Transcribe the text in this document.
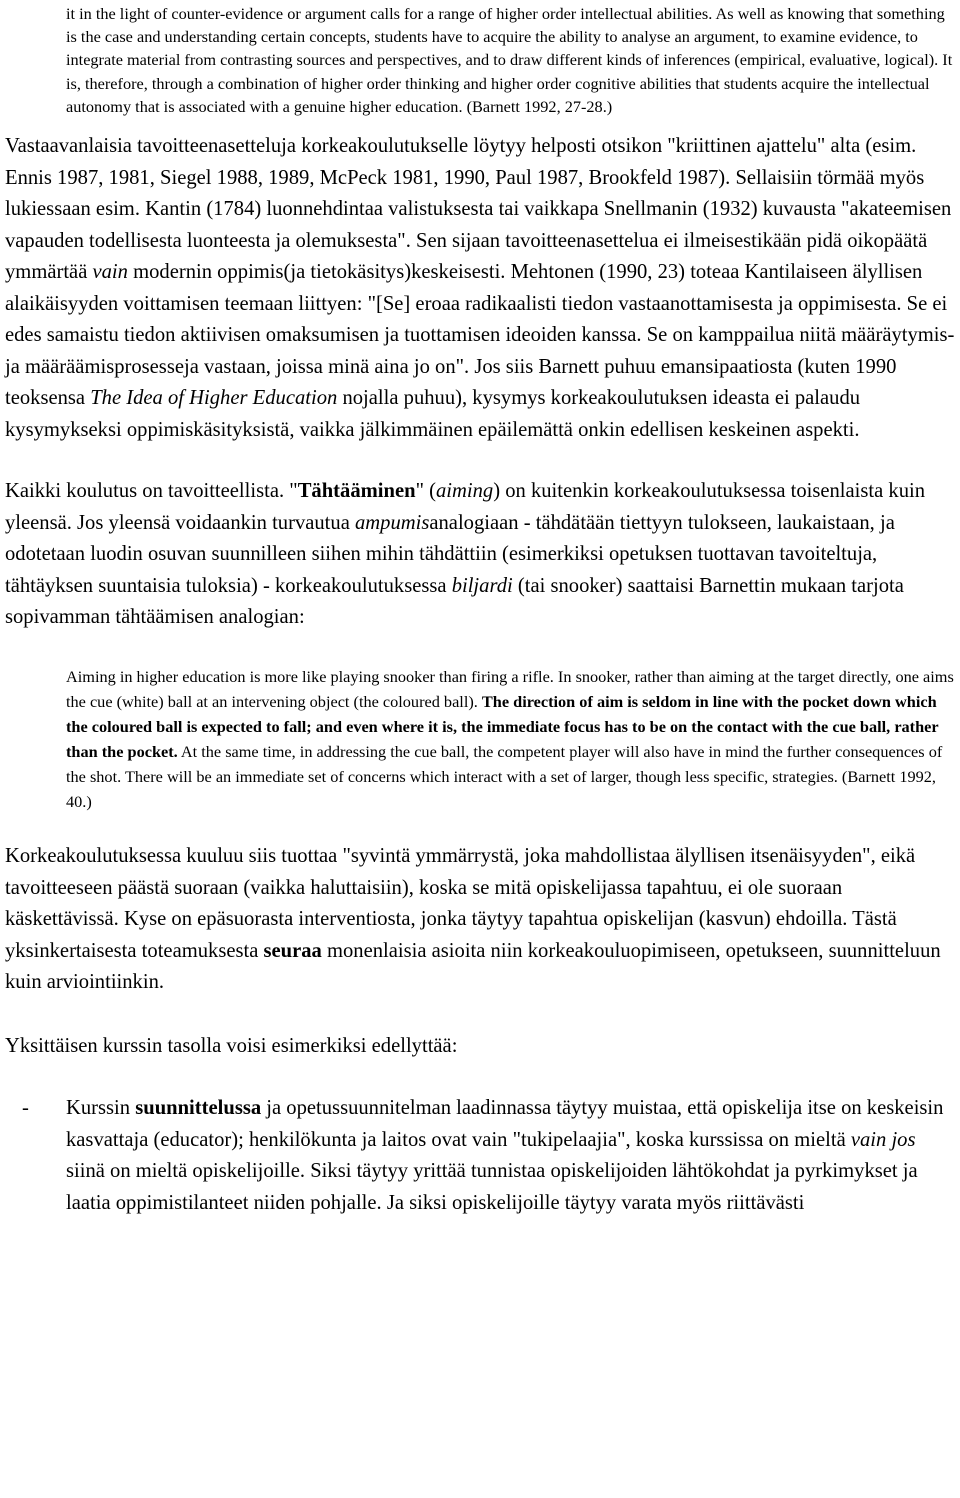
it in the light of counter-evidence or argument calls for a range of higher order intellectual abilities. As well as knowing that something is the case and understanding certain concepts, students have to acquire the ability to analyse an argument, to examine evidence, to integrate material from contrasting sources and perspectives, and to draw different kinds of inferences (empirical, evaluative, logical). It is, therefore, through a combination of higher order thinking and higher order cognitive abilities that students acquire the intellectual autonomy that is associated with a genuine higher education. (Barnett 1992, 27-28.)

Vastaavanlaisia tavoitteenasetteluja korkeakoulutukselle löytyy helposti otsikon "kriittinen ajattelu" alta (esim. Ennis 1987, 1981, Siegel 1988, 1989, McPeck 1981, 1990, Paul 1987, Brookfeld 1987). Sellaisiin törmää myös lukiessaan esim. Kantin (1784) luonnehdintaa valistuksesta tai vaikkapa Snellmanin (1932) kuvausta "akateemisen vapauden todellisesta luonteesta ja olemuksesta". Sen sijaan tavoitteenasettelua ei ilmeisestikään pidä oikopäätä ymmärtää vain modernin oppimis(ja tietokäsitys)keskeisesti. Mehtonen (1990, 23) toteaa Kantilaiseen älyllisen alaikäisyyden voittamisen teemaan liittyen: "[Se] eroaa radikaalisti tiedon vastaanottamisesta ja oppimisesta. Se ei edes samaistu tiedon aktiivisen omaksumisen ja tuottamisen ideoiden kanssa. Se on kamppailua niitä määräytymis- ja määräämisprosesseja vastaan, joissa minä aina jo on". Jos siis Barnett puhuu emansipaatiosta (kuten 1990 teoksensa The Idea of Higher Education nojalla puhuu), kysymys korkeakoulutuksen ideasta ei palaudu kysymykseksi oppimiskäsityksistä, vaikka jälkimmäinen epäilemättä onkin edellisen keskeinen aspekti.

Kaikki koulutus on tavoitteellista. "Tähtääminen" (aiming) on kuitenkin korkeakoulutuksessa toisenlaista kuin yleensä. Jos yleensä voidaankin turvautua ampumisanalogiaan - tähdätään tiettyyn tulokseen, laukaistaan, ja odotetaan luodin osuvan suunnilleen siihen mihin tähdättiin (esimerkiksi opetuksen tuottavan tavoiteltuja, tähtäyksen suuntaisia tuloksia) - korkeakoulutuksessa biljardi (tai snooker) saattaisi Barnettin mukaan tarjota sopivamman tähtäämisen analogian:

Aiming in higher education is more like playing snooker than firing a rifle. In snooker, rather than aiming at the target directly, one aims the cue (white) ball at an intervening object (the coloured ball). The direction of aim is seldom in line with the pocket down which the coloured ball is expected to fall; and even where it is, the immediate focus has to be on the contact with the cue ball, rather than the pocket. At the same time, in addressing the cue ball, the competent player will also have in mind the further consequences of the shot. There will be an immediate set of concerns which interact with a set of larger, though less specific, strategies. (Barnett 1992, 40.)

Korkeakoulutuksessa kuuluu siis tuottaa "syvintä ymmärrystä, joka mahdollistaa älyllisen itsenäisyyden", eikä tavoitteeseen päästä suoraan (vaikka haluttaisiin), koska se mitä opiskelijassa tapahtuu, ei ole suoraan käskettävissä. Kyse on epäsuorasta interventiosta, jonka täytyy tapahtua opiskelijan (kasvun) ehdoilla. Tästä yksinkertaisesta toteamuksesta seuraa monenlaisia asioita niin korkeakouluopimiseen, opetukseen, suunnitteluun kuin arviointiinkin.

Yksittäisen kurssin tasolla voisi esimerkiksi edellyttää:

-	Kurssin suunnittelussa ja opetussuunnitelman laadinnassa täytyy muistaa, että opiskelija itse on keskeisin kasvattaja (educator); henkilökunta ja laitos ovat vain "tukipelaajia", koska kurssissa on mieltä vain jos siinä on mieltä opiskelijoille. Siksi täytyy yrittää tunnistaa opiskelijoiden lähtökohdat ja pyrkimykset ja laatia oppimistilanteet niiden pohjalle. Ja siksi opiskelijoille täytyy varata myös riittävästi
